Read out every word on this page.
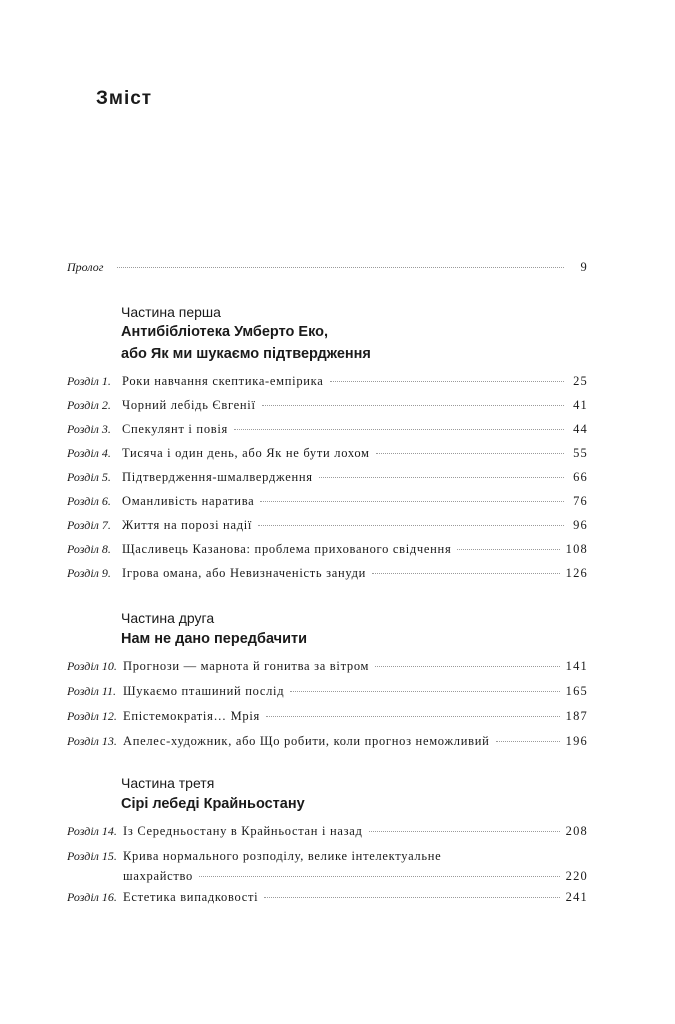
Зміст
Пролог	9
Частина перша
Антибібліотека Умберто Еко,
або Як ми шукаємо підтвердження
Розділ 1. Роки навчання скептика-емпірика	25
Розділ 2. Чорний лебідь Євгенії	41
Розділ 3. Спекулянт і повія	44
Розділ 4. Тисяча і один день, або Як не бути лохом	55
Розділ 5. Підтвердження-шмалвердження	66
Розділ 6. Оманливість наратива	76
Розділ 7. Життя на порозі надії	96
Розділ 8. Щасливець Казанова: проблема прихованого свідчення	108
Розділ 9. Ігрова омана, або Невизначеність зануди	126
Частина друга
Нам не дано передбачити
Розділ 10. Прогнози — марнота й гонитва за вітром	141
Розділ 11. Шукаємо пташиний послід	165
Розділ 12. Епістемократія… Мрія	187
Розділ 13. Апелес-художник, або Що робити, коли прогноз неможливий	196
Частина третя
Сірі лебеді Крайньостану
Розділ 14. Із Середньостану в Крайньостан і назад	208
Розділ 15. Крива нормального розподілу, велике інтелектуальне
шахрайство	220
Розділ 16. Естетика випадковості	241
